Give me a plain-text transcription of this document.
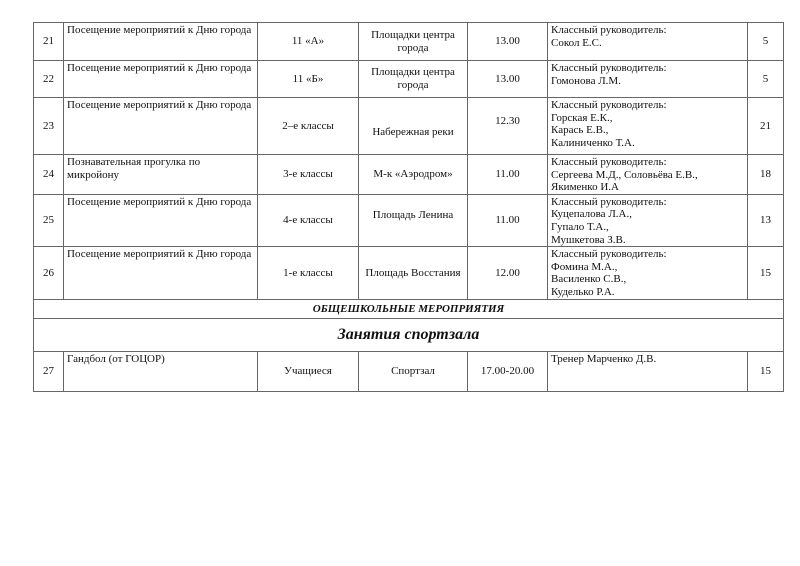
21	Посещение мероприятий к Дню города	11 «А»	Площадки центра города	13.00	Классный руководитель:
Сокол Е.С.	5
22	Посещение мероприятий к Дню города	11 «Б»	Площадки центра города	13.00	Классный руководитель:
Гомонова Л.М.	5
23	Посещение мероприятий к Дню города	2–е классы	Набережная реки	12.30	Классный руководитель:
Горская Е.К.,
Карась Е.В.,
Калиниченко Т.А.	21
24	Познавательная прогулка по микройону	3-е классы	М-к «Аэродром»	11.00	Классный руководитель:
Сергеева М.Д., Соловьёва Е.В.,
Якименко И.А	18
25	Посещение мероприятий к Дню города	4-е классы	Площадь Ленина	11.00	Классный руководитель:
Куцепалова Л.А.,
Гупало Т.А.,
Мушкетова З.В.	13
26	Посещение мероприятий к Дню города	1-е классы	Площадь Восстания	12.00	Классный руководитель:
Фомина М.А.,
Василенко С.В.,
Куделько Р.А.	15
ОБЩЕШКОЛЬНЫЕ МЕРОПРИЯТИЯ						
Занятия спортзала						
27	Гандбол (от ГОЦОР)	Учащиеся	Спортзал	17.00-20.00	Тренер Марченко Д.В.	15
